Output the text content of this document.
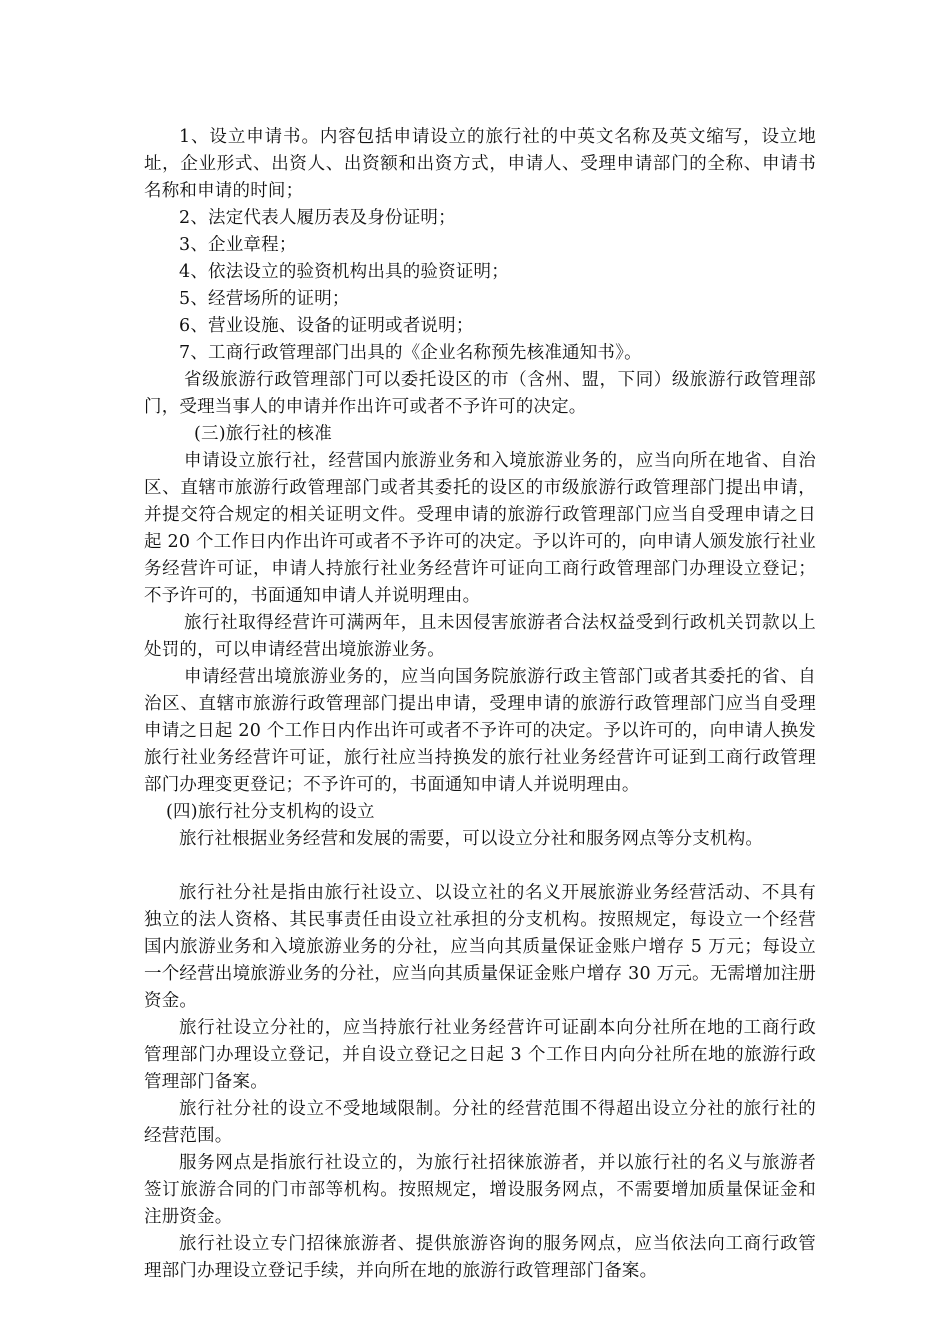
1、设立申请书。内容包括申请设立的旅行社的中英文名称及英文缩写，设立地址，企业形式、出资人、出资额和出资方式，申请人、受理申请部门的全称、申请书名称和申请的时间；

2、法定代表人履历表及身份证明；

3、企业章程；

4、依法设立的验资机构出具的验资证明；

5、经营场所的证明；

6、营业设施、设备的证明或者说明；

7、工商行政管理部门出具的《企业名称预先核准通知书》。

省级旅游行政管理部门可以委托设区的市（含州、盟，下同）级旅游行政管理部门，受理当事人的申请并作出许可或者不予许可的决定。

(三)旅行社的核准

申请设立旅行社，经营国内旅游业务和入境旅游业务的，应当向所在地省、自治区、直辖市旅游行政管理部门或者其委托的设区的市级旅游行政管理部门提出申请，并提交符合规定的相关证明文件。受理申请的旅游行政管理部门应当自受理申请之日起 20 个工作日内作出许可或者不予许可的决定。予以许可的，向申请人颁发旅行社业务经营许可证，申请人持旅行社业务经营许可证向工商行政管理部门办理设立登记；不予许可的，书面通知申请人并说明理由。

旅行社取得经营许可满两年，且未因侵害旅游者合法权益受到行政机关罚款以上处罚的，可以申请经营出境旅游业务。

申请经营出境旅游业务的，应当向国务院旅游行政主管部门或者其委托的省、自治区、直辖市旅游行政管理部门提出申请，受理申请的旅游行政管理部门应当自受理申请之日起 20 个工作日内作出许可或者不予许可的决定。予以许可的，向申请人换发旅行社业务经营许可证，旅行社应当持换发的旅行社业务经营许可证到工商行政管理部门办理变更登记；不予许可的，书面通知申请人并说明理由。

(四)旅行社分支机构的设立

旅行社根据业务经营和发展的需要，可以设立分社和服务网点等分支机构。

旅行社分社是指由旅行社设立、以设立社的名义开展旅游业务经营活动、不具有独立的法人资格、其民事责任由设立社承担的分支机构。按照规定，每设立一个经营国内旅游业务和入境旅游业务的分社，应当向其质量保证金账户增存 5 万元；每设立一个经营出境旅游业务的分社，应当向其质量保证金账户增存 30 万元。无需增加注册资金。

旅行社设立分社的，应当持旅行社业务经营许可证副本向分社所在地的工商行政管理部门办理设立登记，并自设立登记之日起 3 个工作日内向分社所在地的旅游行政管理部门备案。

旅行社分社的设立不受地域限制。分社的经营范围不得超出设立分社的旅行社的经营范围。

服务网点是指旅行社设立的，为旅行社招徕旅游者，并以旅行社的名义与旅游者签订旅游合同的门市部等机构。按照规定，增设服务网点，不需要增加质量保证金和注册资金。

旅行社设立专门招徕旅游者、提供旅游咨询的服务网点，应当依法向工商行政管理部门办理设立登记手续，并向所在地的旅游行政管理部门备案。
